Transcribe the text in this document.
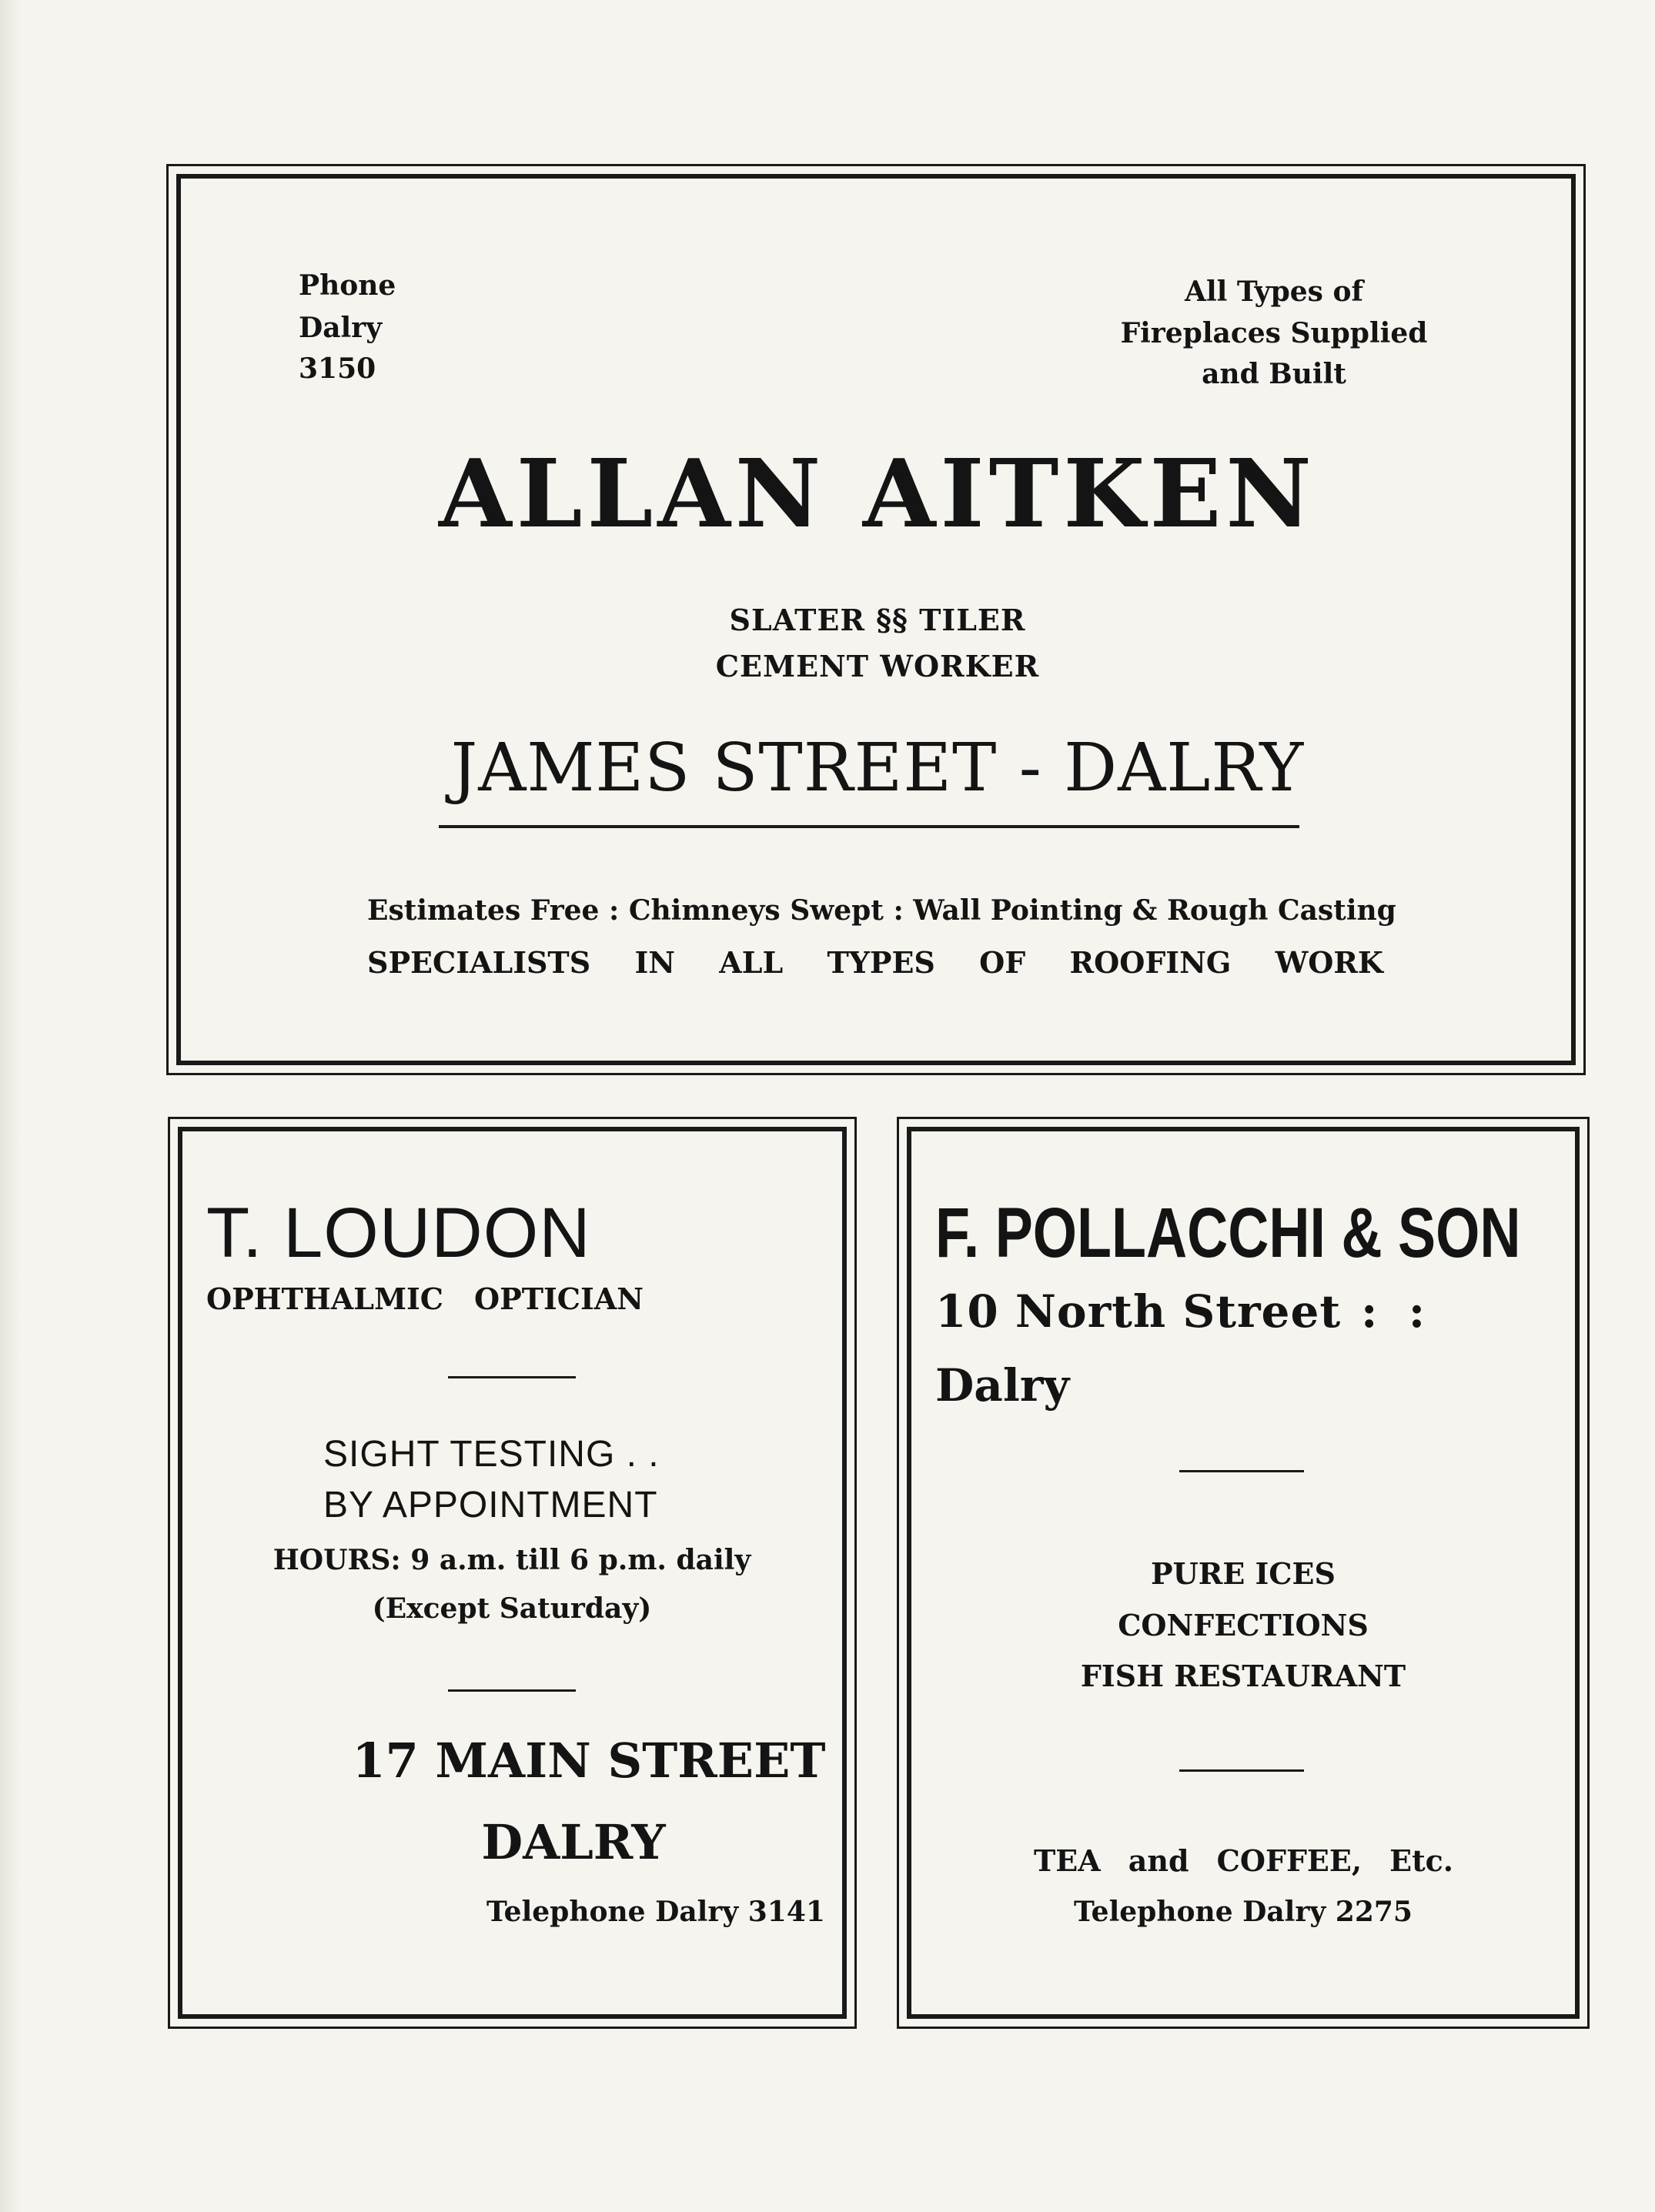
Phone
Dalry
3150
All Types of
Fireplaces Supplied
and Built
ALLAN AITKEN
SLATER §§ TILER
CEMENT WORKER
JAMES STREET - DALRY
Estimates Free : Chimneys Swept : Wall Pointing & Rough Casting
SPECIALISTS IN ALL TYPES OF ROOFING WORK
T. LOUDON
OPHTHALMIC OPTICIAN
SIGHT TESTING . .
BY APPOINTMENT
HOURS: 9 a.m. till 6 p.m. daily
(Except Saturday)
17 MAIN STREET
DALRY
Telephone Dalry 3141
F. POLLACCHI & SON
10 North Street :  :
Dalry
PURE ICES
CONFECTIONS
FISH RESTAURANT
TEA and COFFEE, Etc.
Telephone Dalry 2275
